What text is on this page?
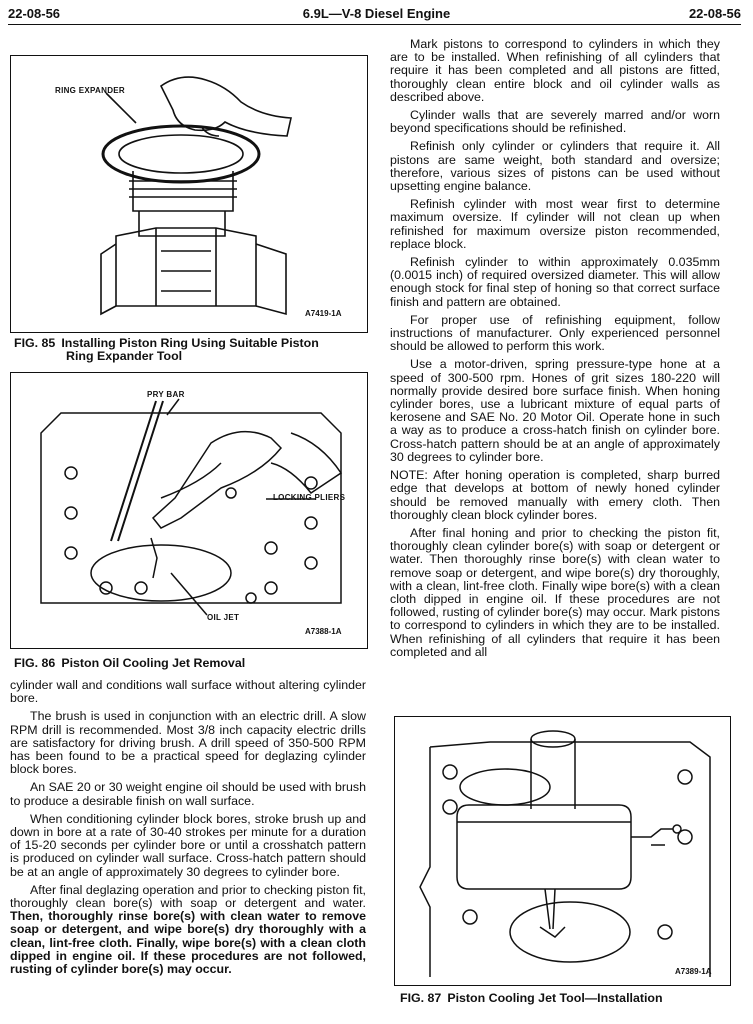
22-08-56	6.9L—V-8 Diesel Engine	22-08-56
RING EXPANDER
A7419-1A
FIG. 85 Installing Piston Ring Using Suitable Piston
Ring Expander Tool
PRY BAR
LOCKING PLIERS
OIL JET
A7388-1A
FIG. 86 Piston Oil Cooling Jet Removal

cylinder wall and conditions wall surface without altering cylinder bore.

The brush is used in conjunction with an electric drill. A slow RPM drill is recommended. Most 3/8 inch capacity electric drills are satisfactory for driving brush. A drill speed of 350-500 RPM has been found to be a practical speed for deglazing cylinder block bores.

An SAE 20 or 30 weight engine oil should be used with brush to produce a desirable finish on wall surface.

When conditioning cylinder block bores, stroke brush up and down in bore at a rate of 30-40 strokes per minute for a duration of 15-20 seconds per cylinder bore or until a crosshatch pattern is produced on cylinder wall surface. Cross-hatch pattern should be at an angle of approximately 30 degrees to cylinder bore.

After final deglazing operation and prior to checking piston fit, thoroughly clean bore(s) with soap or detergent and water. Then, thoroughly rinse bore(s) with clean water to remove soap or detergent, and wipe bore(s) dry thoroughly with a clean, lint-free cloth. Finally, wipe bore(s) with a clean cloth dipped in engine oil. If these procedures are not followed, rusting of cylinder bore(s) may occur.

Mark pistons to correspond to cylinders in which they are to be installed. When refinishing of all cylinders that require it has been completed and all pistons are fitted, thoroughly clean entire block and oil cylinder walls as described above.

Cylinder walls that are severely marred and/or worn beyond specifications should be refinished.

Refinish only cylinder or cylinders that require it. All pistons are same weight, both standard and oversize; therefore, various sizes of pistons can be used without upsetting engine balance.

Refinish cylinder with most wear first to determine maximum oversize. If cylinder will not clean up when refinished for maximum oversize piston recommended, replace block.

Refinish cylinder to within approximately 0.035mm (0.0015 inch) of required oversized diameter. This will allow enough stock for final step of honing so that correct surface finish and pattern are obtained.

For proper use of refinishing equipment, follow instructions of manufacturer. Only experienced personnel should be allowed to perform this work.

Use a motor-driven, spring pressure-type hone at a speed of 300-500 rpm. Hones of grit sizes 180-220 will normally provide desired bore surface finish. When honing cylinder bores, use a lubricant mixture of equal parts of kerosene and SAE No. 20 Motor Oil. Operate hone in such a way as to produce a cross-hatch finish on cylinder bore. Cross-hatch pattern should be at an angle of approximately 30 degrees to cylinder bore.

NOTE: After honing operation is completed, sharp burred edge that develops at bottom of newly honed cylinder should be removed manually with emery cloth. Then thoroughly clean block cylinder bores.

After final honing and prior to checking the piston fit, thoroughly clean cylinder bore(s) with soap or detergent or water. Then thoroughly rinse bore(s) with clean water to remove soap or detergent, and wipe bore(s) dry thoroughly, with a clean, lint-free cloth. Finally wipe bore(s) with a clean cloth dipped in engine oil. If these procedures are not followed, rusting of cylinder bore(s) may occur. Mark pistons to correspond to cylinders in which they are to be installed. When refinishing of all cylinders that require it has been completed and all

A7389-1A
FIG. 87 Piston Cooling Jet Tool—Installation
